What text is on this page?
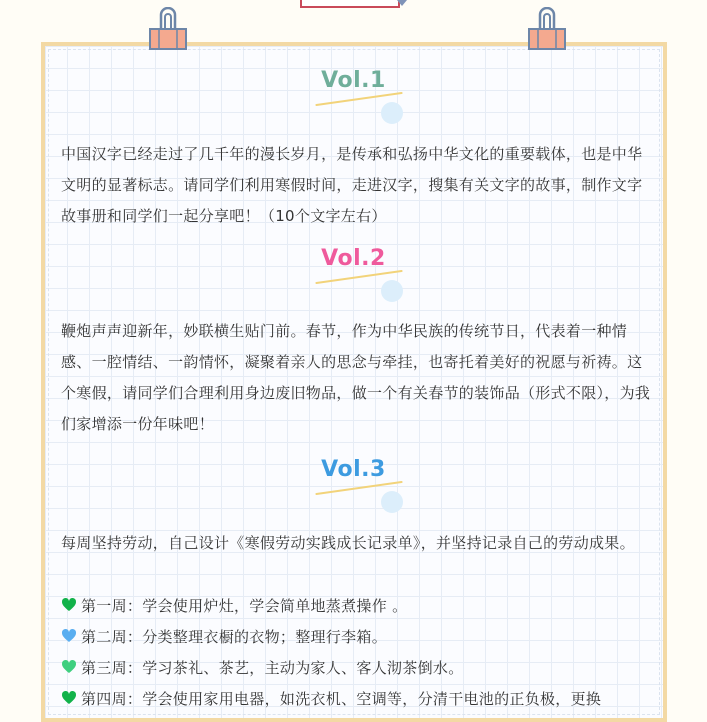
Vol.1

中国汉字已经走过了几千年的漫长岁月，是传承和弘扬中华文化的重要载体，也是中华文明的显著标志。请同学们利用寒假时间，走进汉字，搜集有关文字的故事，制作文字故事册和同学们一起分享吧！（10个文字左右）

Vol.2

鞭炮声声迎新年，妙联横生贴门前。春节，作为中华民族的传统节日，代表着一种情感、一腔情结、一韵情怀，凝聚着亲人的思念与牵挂，也寄托着美好的祝愿与祈祷。这个寒假，请同学们合理利用身边废旧物品，做一个有关春节的装饰品（形式不限），为我们家增添一份年味吧！

Vol.3

每周坚持劳动，自己设计《寒假劳动实践成长记录单》，并坚持记录自己的劳动成果。

第一周：学会使用炉灶，学会简单地蒸煮操作 。
第二周：分类整理衣橱的衣物；整理行李箱。
第三周：学习茶礼、茶艺，主动为家人、客人沏茶倒水。
第四周：学会使用家用电器，如洗衣机、空调等，分清干电池的正负极，更换
